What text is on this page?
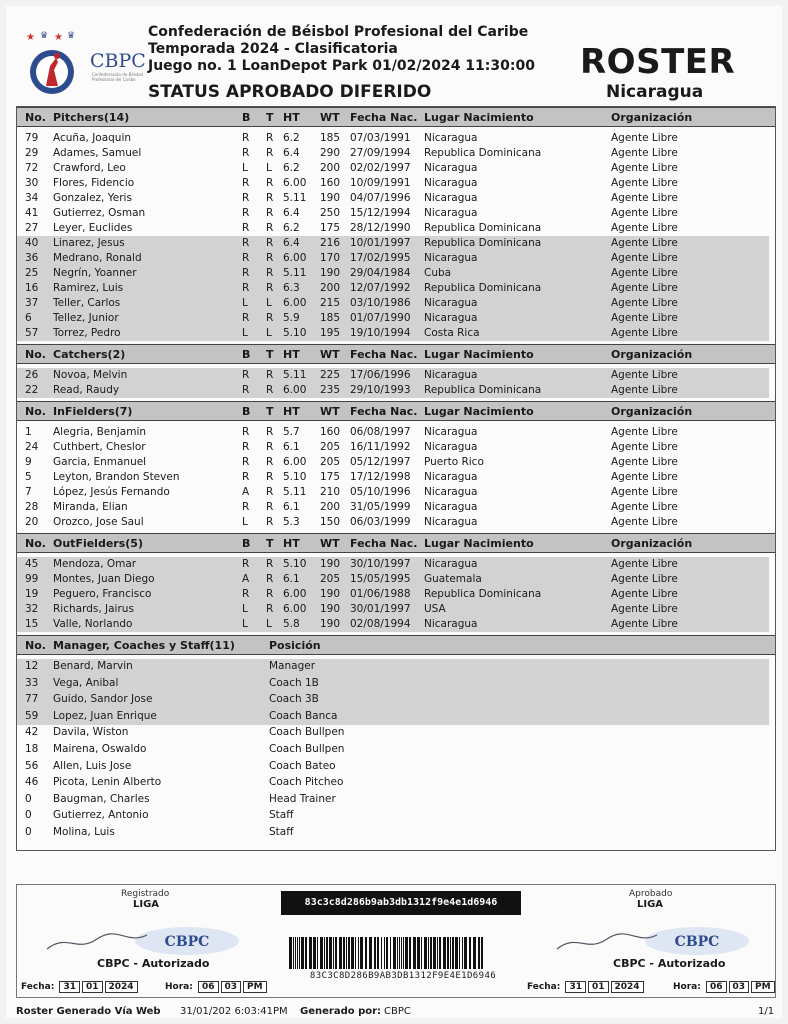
★ ♛ ★ ♛
CBPC
Confederación de Béisbol Profesional del Caribe
Confederación de Béisbol Profesional del Caribe
Temporada 2024 - Clasificatoria
Juego no. 1 LoanDepot Park 01/02/2024 11:30:00
STATUS APROBADO DIFERIDO
ROSTER
Nicaragua
No. Pitchers(14)	B T HT WT Fecha Nac. Lugar Nacimiento	Organización
79 Acuña, Joaquin	R R 6.2 185 07/03/1991 Nicaragua	Agente Libre
29 Adames, Samuel	R R 6.4 290 27/09/1994 Republica Dominicana	Agente Libre
72 Crawford, Leo	L L 6.2 200 02/02/1997 Nicaragua	Agente Libre
30 Flores, Fidencio	R R 6.00 160 10/09/1991 Nicaragua	Agente Libre
34 Gonzalez, Yeris	R R 5.11 190 04/07/1996 Nicaragua	Agente Libre
41 Gutierrez, Osman	R R 6.4 250 15/12/1994 Nicaragua	Agente Libre
27 Leyer, Euclides	R R 6.2 175 28/12/1990 Republica Dominicana	Agente Libre
40 Linarez, Jesus	R R 6.4 216 10/01/1997 Republica Dominicana	Agente Libre
36 Medrano, Ronald	R R 6.00 170 17/02/1995 Nicaragua	Agente Libre
25 Negrín, Yoanner	R R 5.11 190 29/04/1984 Cuba	Agente Libre
16 Ramirez, Luis	R R 6.3 200 12/07/1992 Republica Dominicana	Agente Libre
37 Teller, Carlos	L L 6.00 215 03/10/1986 Nicaragua	Agente Libre
6 Tellez, Junior	R R 5.9 185 01/07/1990 Nicaragua	Agente Libre
57 Torrez, Pedro	L L 5.10 195 19/10/1994 Costa Rica	Agente Libre
No. Catchers(2)	B T HT WT Fecha Nac. Lugar Nacimiento	Organización
26 Novoa, Melvin	R R 5.11 225 17/06/1996 Nicaragua	Agente Libre
22 Read, Raudy	R R 6.00 235 29/10/1993 Republica Dominicana	Agente Libre
No. InFielders(7)	B T HT WT Fecha Nac. Lugar Nacimiento	Organización
1 Alegria, Benjamin	R R 5.7 160 06/08/1997 Nicaragua	Agente Libre
24 Cuthbert, Cheslor	R R 6.1 205 16/11/1992 Nicaragua	Agente Libre
9 Garcia, Enmanuel	R R 6.00 205 05/12/1997 Puerto Rico	Agente Libre
5 Leyton, Brandon Steven	R R 5.10 175 17/12/1998 Nicaragua	Agente Libre
7 López, Jesús Fernando	A R 5.11 210 05/10/1996 Nicaragua	Agente Libre
28 Miranda, Elian	R R 6.1 200 31/05/1999 Nicaragua	Agente Libre
20 Orozco, Jose Saul	L R 5.3 150 06/03/1999 Nicaragua	Agente Libre
No. OutFielders(5)	B T HT WT Fecha Nac. Lugar Nacimiento	Organización
45 Mendoza, Omar	R R 5.10 190 30/10/1997 Nicaragua	Agente Libre
99 Montes, Juan Diego	A R 6.1 205 15/05/1995 Guatemala	Agente Libre
19 Peguero, Francisco	R R 6.00 190 01/06/1988 Republica Dominicana	Agente Libre
32 Richards, Jairus	L R 6.00 190 30/01/1997 USA	Agente Libre
15 Valle, Norlando	L L 5.8 190 02/08/1994 Nicaragua	Agente Libre
No. Manager, Coaches y Staff(11)	Posición
12 Benard, Marvin	Manager
33 Vega, Anibal	Coach 1B
77 Guido, Sandor Jose	Coach 3B
59 Lopez, Juan Enrique	Coach Banca
42 Davila, Wiston	Coach Bullpen
18 Mairena, Oswaldo	Coach Bullpen
56 Allen, Luis Jose	Coach Bateo
46 Picota, Lenin Alberto	Coach Pitcheo
0 Baugman, Charles	Head Trainer
0 Gutierrez, Antonio	Staff
0 Molina, Luis	Staff
Registrado
LIGA
Aprobado
LIGA
83c3c8d286b9ab3db1312f9e4e1d6946
83C3C8D286B9AB3DB1312F9E4E1D6946
CBPC
CBPC - Autorizado
CBPC
CBPC - Autorizado
Fecha: 31 01 2024	Hora: 06 03 PM	Fecha: 31 01 2024	Hora: 06 03 PM
Roster Generado Vía Web 31/01/202 6:03:41PM Generado por: CBPC	1/1
